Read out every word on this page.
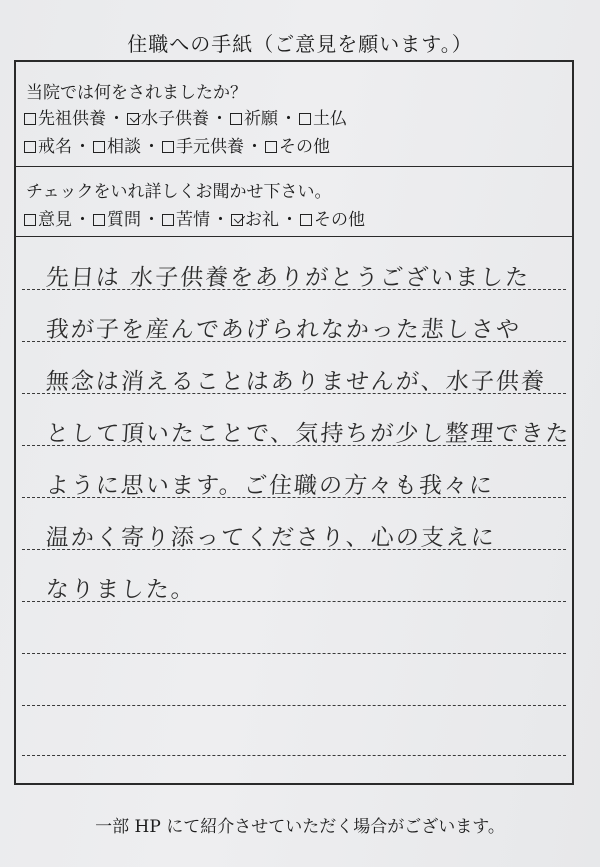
住職への手紙（ご意見を願います。）
当院では何をされましたか？
先祖供養 ・ 水子供養 ・ 祈願 ・ 土仏
戒名 ・ 相談 ・ 手元供養 ・ その他
チェックをいれ詳しくお聞かせ下さい。
意見 ・ 質問 ・ 苦情 ・ お礼 ・ その他
先日は 水子供養をありがとうございました
我が子を産んであげられなかった悲しさや
無念は消えることはありませんが、水子供養
として頂いたことで、気持ちが少し整理できた
ように思います。ご住職の方々も我々に
温かく寄り添ってくださり、心の支えに
なりました。
一部 HP にて紹介させていただく場合がございます。
